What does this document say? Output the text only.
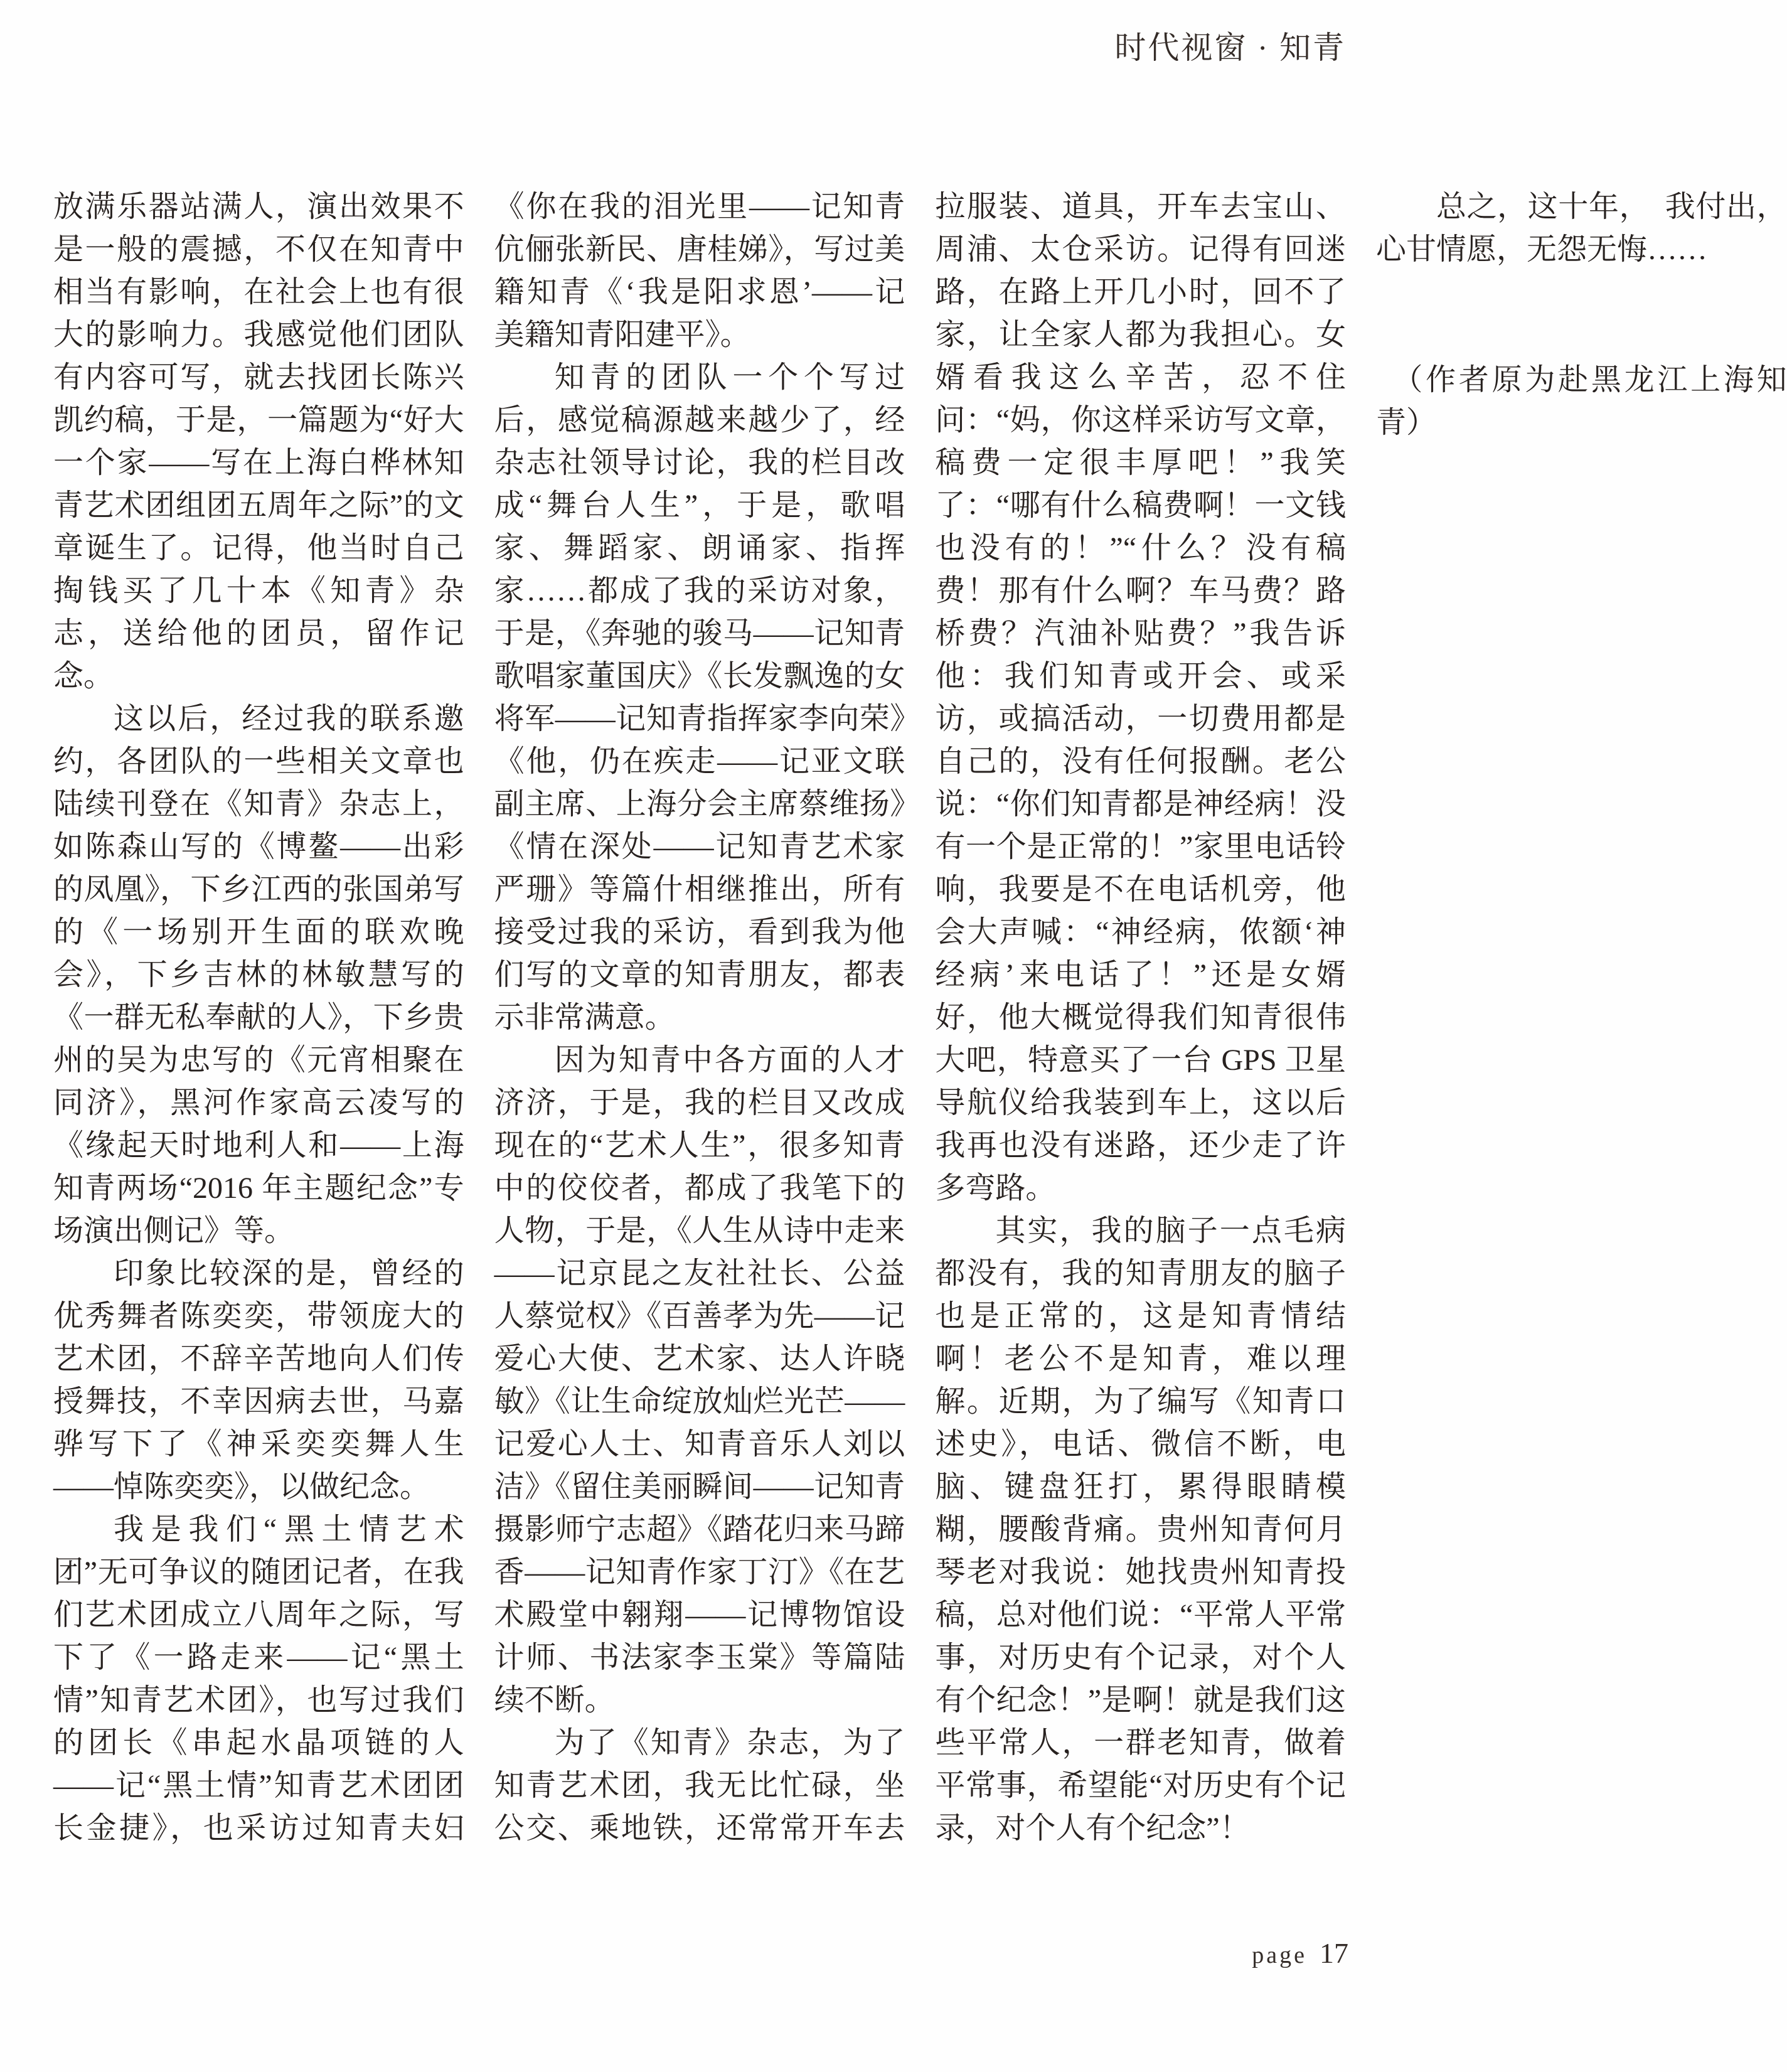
时代视窗 · 知青

放满乐器站满人，演出效果不是一般的震撼，不仅在知青中相当有影响，在社会上也有很大的影响力。我感觉他们团队有内容可写，就去找团长陈兴凯约稿，于是，一篇题为“好大一个家——写在上海白桦林知青艺术团组团五周年之际”的文章诞生了。记得，他当时自己掏钱买了几十本《知青》杂志，送给他的团员，留作记念。

这以后，经过我的联系邀约，各团队的一些相关文章也陆续刊登在《知青》杂志上，如陈森山写的《博鳌——出彩的凤凰》，下乡江西的张国弟写的《一场别开生面的联欢晚会》，下乡吉林的林敏慧写的《一群无私奉献的人》，下乡贵州的吴为忠写的《元宵相聚在同济》，黑河作家高云凌写的《缘起天时地利人和——上海知青两场“2016 年主题纪念”专场演出侧记》等。

印象比较深的是，曾经的优秀舞者陈奕奕，带领庞大的艺术团，不辞辛苦地向人们传授舞技，不幸因病去世，马嘉骅写下了《神采奕奕舞人生——悼陈奕奕》，以做纪念。

我是我们“黑土情艺术团”无可争议的随团记者，在我们艺术团成立八周年之际，写下了《一路走来——记“黑土情”知青艺术团》，也写过我们的团长《串起水晶项链的人——记“黑土情”知青艺术团团长金捷》，也采访过知青夫妇《你在我的泪光里——记知青伉俪张新民、唐桂娣》，写过美籍知青《‘我是阳求恩’——记美籍知青阳建平》。

知青的团队一个个写过后，感觉稿源越来越少了，经杂志社领导讨论，我的栏目改成“舞台人生”，于是，歌唱家、舞蹈家、朗诵家、指挥家……都成了我的采访对象，于是，《奔驰的骏马——记知青歌唱家董国庆》《长发飘逸的女将军——记知青指挥家李向荣》《他，仍在疾走——记亚文联副主席、上海分会主席蔡维扬》《情在深处——记知青艺术家严珊》等篇什相继推出，所有接受过我的采访，看到我为他们写的文章的知青朋友，都表示非常满意。

因为知青中各方面的人才济济，于是，我的栏目又改成现在的“艺术人生”，很多知青中的佼佼者，都成了我笔下的人物，于是，《人生从诗中走来——记京昆之友社社长、公益人蔡觉权》《百善孝为先——记爱心大使、艺术家、达人许晓敏》《让生命绽放灿烂光芒——记爱心人士、知青音乐人刘以洁》《留住美丽瞬间——记知青摄影师宁志超》《踏花归来马蹄香——记知青作家丁汀》《在艺术殿堂中翱翔——记博物馆设计师、书法家李玉棠》等篇陆续不断。

为了《知青》杂志，为了知青艺术团，我无比忙碌，坐公交、乘地铁，还常常开车去拉服装、道具，开车去宝山、周浦、太仓采访。记得有回迷路，在路上开几小时，回不了家，让全家人都为我担心。女婿看我这么辛苦，忍不住问：“妈，你这样采访写文章，稿费一定很丰厚吧！”我笑了：“哪有什么稿费啊！一文钱也没有的！”“什么？没有稿费！那有什么啊？车马费？路桥费？汽油补贴费？”我告诉他：我们知青或开会、或采访，或搞活动，一切费用都是自己的，没有任何报酬。老公说：“你们知青都是神经病！没有一个是正常的！”家里电话铃响，我要是不在电话机旁，他会大声喊：“神经病，侬额‘神经病’来电话了！”还是女婿好，他大概觉得我们知青很伟大吧，特意买了一台 GPS 卫星导航仪给我装到车上，这以后我再也没有迷路，还少走了许多弯路。

其实，我的脑子一点毛病都没有，我的知青朋友的脑子也是正常的，这是知青情结啊！老公不是知青，难以理解。近期，为了编写《知青口述史》，电话、微信不断，电脑、键盘狂打，累得眼睛模糊，腰酸背痛。贵州知青何月琴老对我说：她找贵州知青投稿，总对他们说：“平常人平常事，对历史有个记录，对个人有个纪念！”是啊！就是我们这些平常人，一群老知青，做着平常事，希望能“对历史有个记录，对个人有个纪念”！

总之，这十年，　我付出，心甘情愿，无怨无悔……

（作者原为赴黑龙江上海知青）

page 17
